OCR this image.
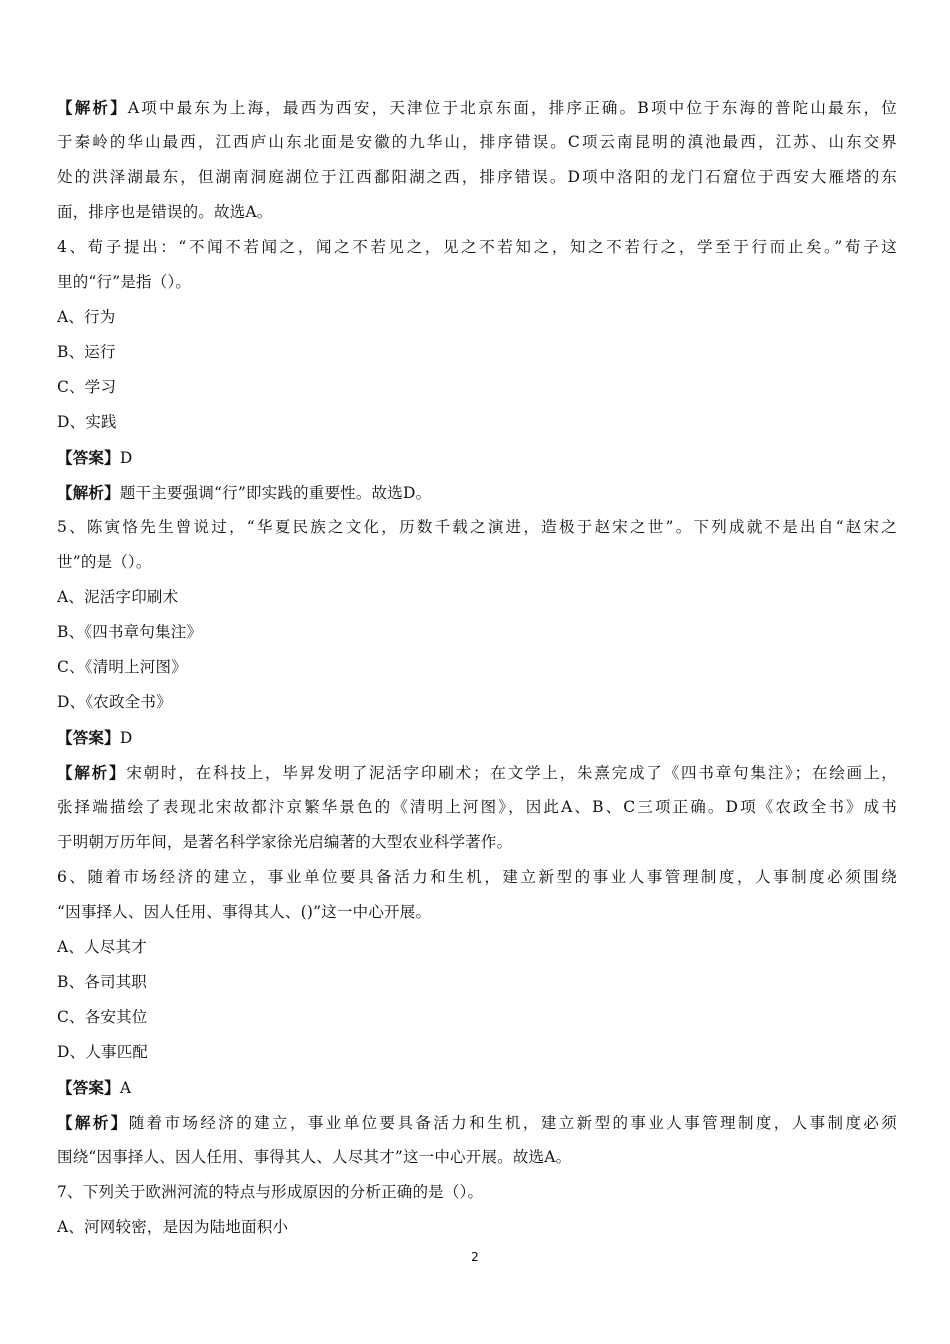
【解析】A项中最东为上海，最西为西安，天津位于北京东面，排序正确。B项中位于东海的普陀山最东，位
于秦岭的华山最西，江西庐山东北面是安徽的九华山，排序错误。C项云南昆明的滇池最西，江苏、山东交界
处的洪泽湖最东，但湖南洞庭湖位于江西鄱阳湖之西，排序错误。D项中洛阳的龙门石窟位于西安大雁塔的东
面，排序也是错误的。故选A。
4、荀子提出：“不闻不若闻之，闻之不若见之，见之不若知之，知之不若行之，学至于行而止矣。”荀子这
里的“行”是指（）。
A、行为
B、运行
C、学习
D、实践
【答案】D
【解析】题干主要强调“行”即实践的重要性。故选D。
5、陈寅恪先生曾说过，“华夏民族之文化，历数千载之演进，造极于赵宋之世”。下列成就不是出自“赵宋之
世”的是（）。
A、泥活字印刷术
B、《四书章句集注》
C、《清明上河图》
D、《农政全书》
【答案】D
【解析】宋朝时，在科技上，毕昇发明了泥活字印刷术；在文学上，朱熹完成了《四书章句集注》；在绘画上，
张择端描绘了表现北宋故都汴京繁华景色的《清明上河图》，因此A、B、C三项正确。D项《农政全书》成书
于明朝万历年间，是著名科学家徐光启编著的大型农业科学著作。
6、随着市场经济的建立，事业单位要具备活力和生机，建立新型的事业人事管理制度，人事制度必须围绕
“因事择人、因人任用、事得其人、()”这一中心开展。
A、人尽其才
B、各司其职
C、各安其位
D、人事匹配
【答案】A
【解析】随着市场经济的建立，事业单位要具备活力和生机，建立新型的事业人事管理制度，人事制度必须
围绕“因事择人、因人任用、事得其人、人尽其才”这一中心开展。故选A。
7、下列关于欧洲河流的特点与形成原因的分析正确的是（）。
A、河网较密，是因为陆地面积小
2
